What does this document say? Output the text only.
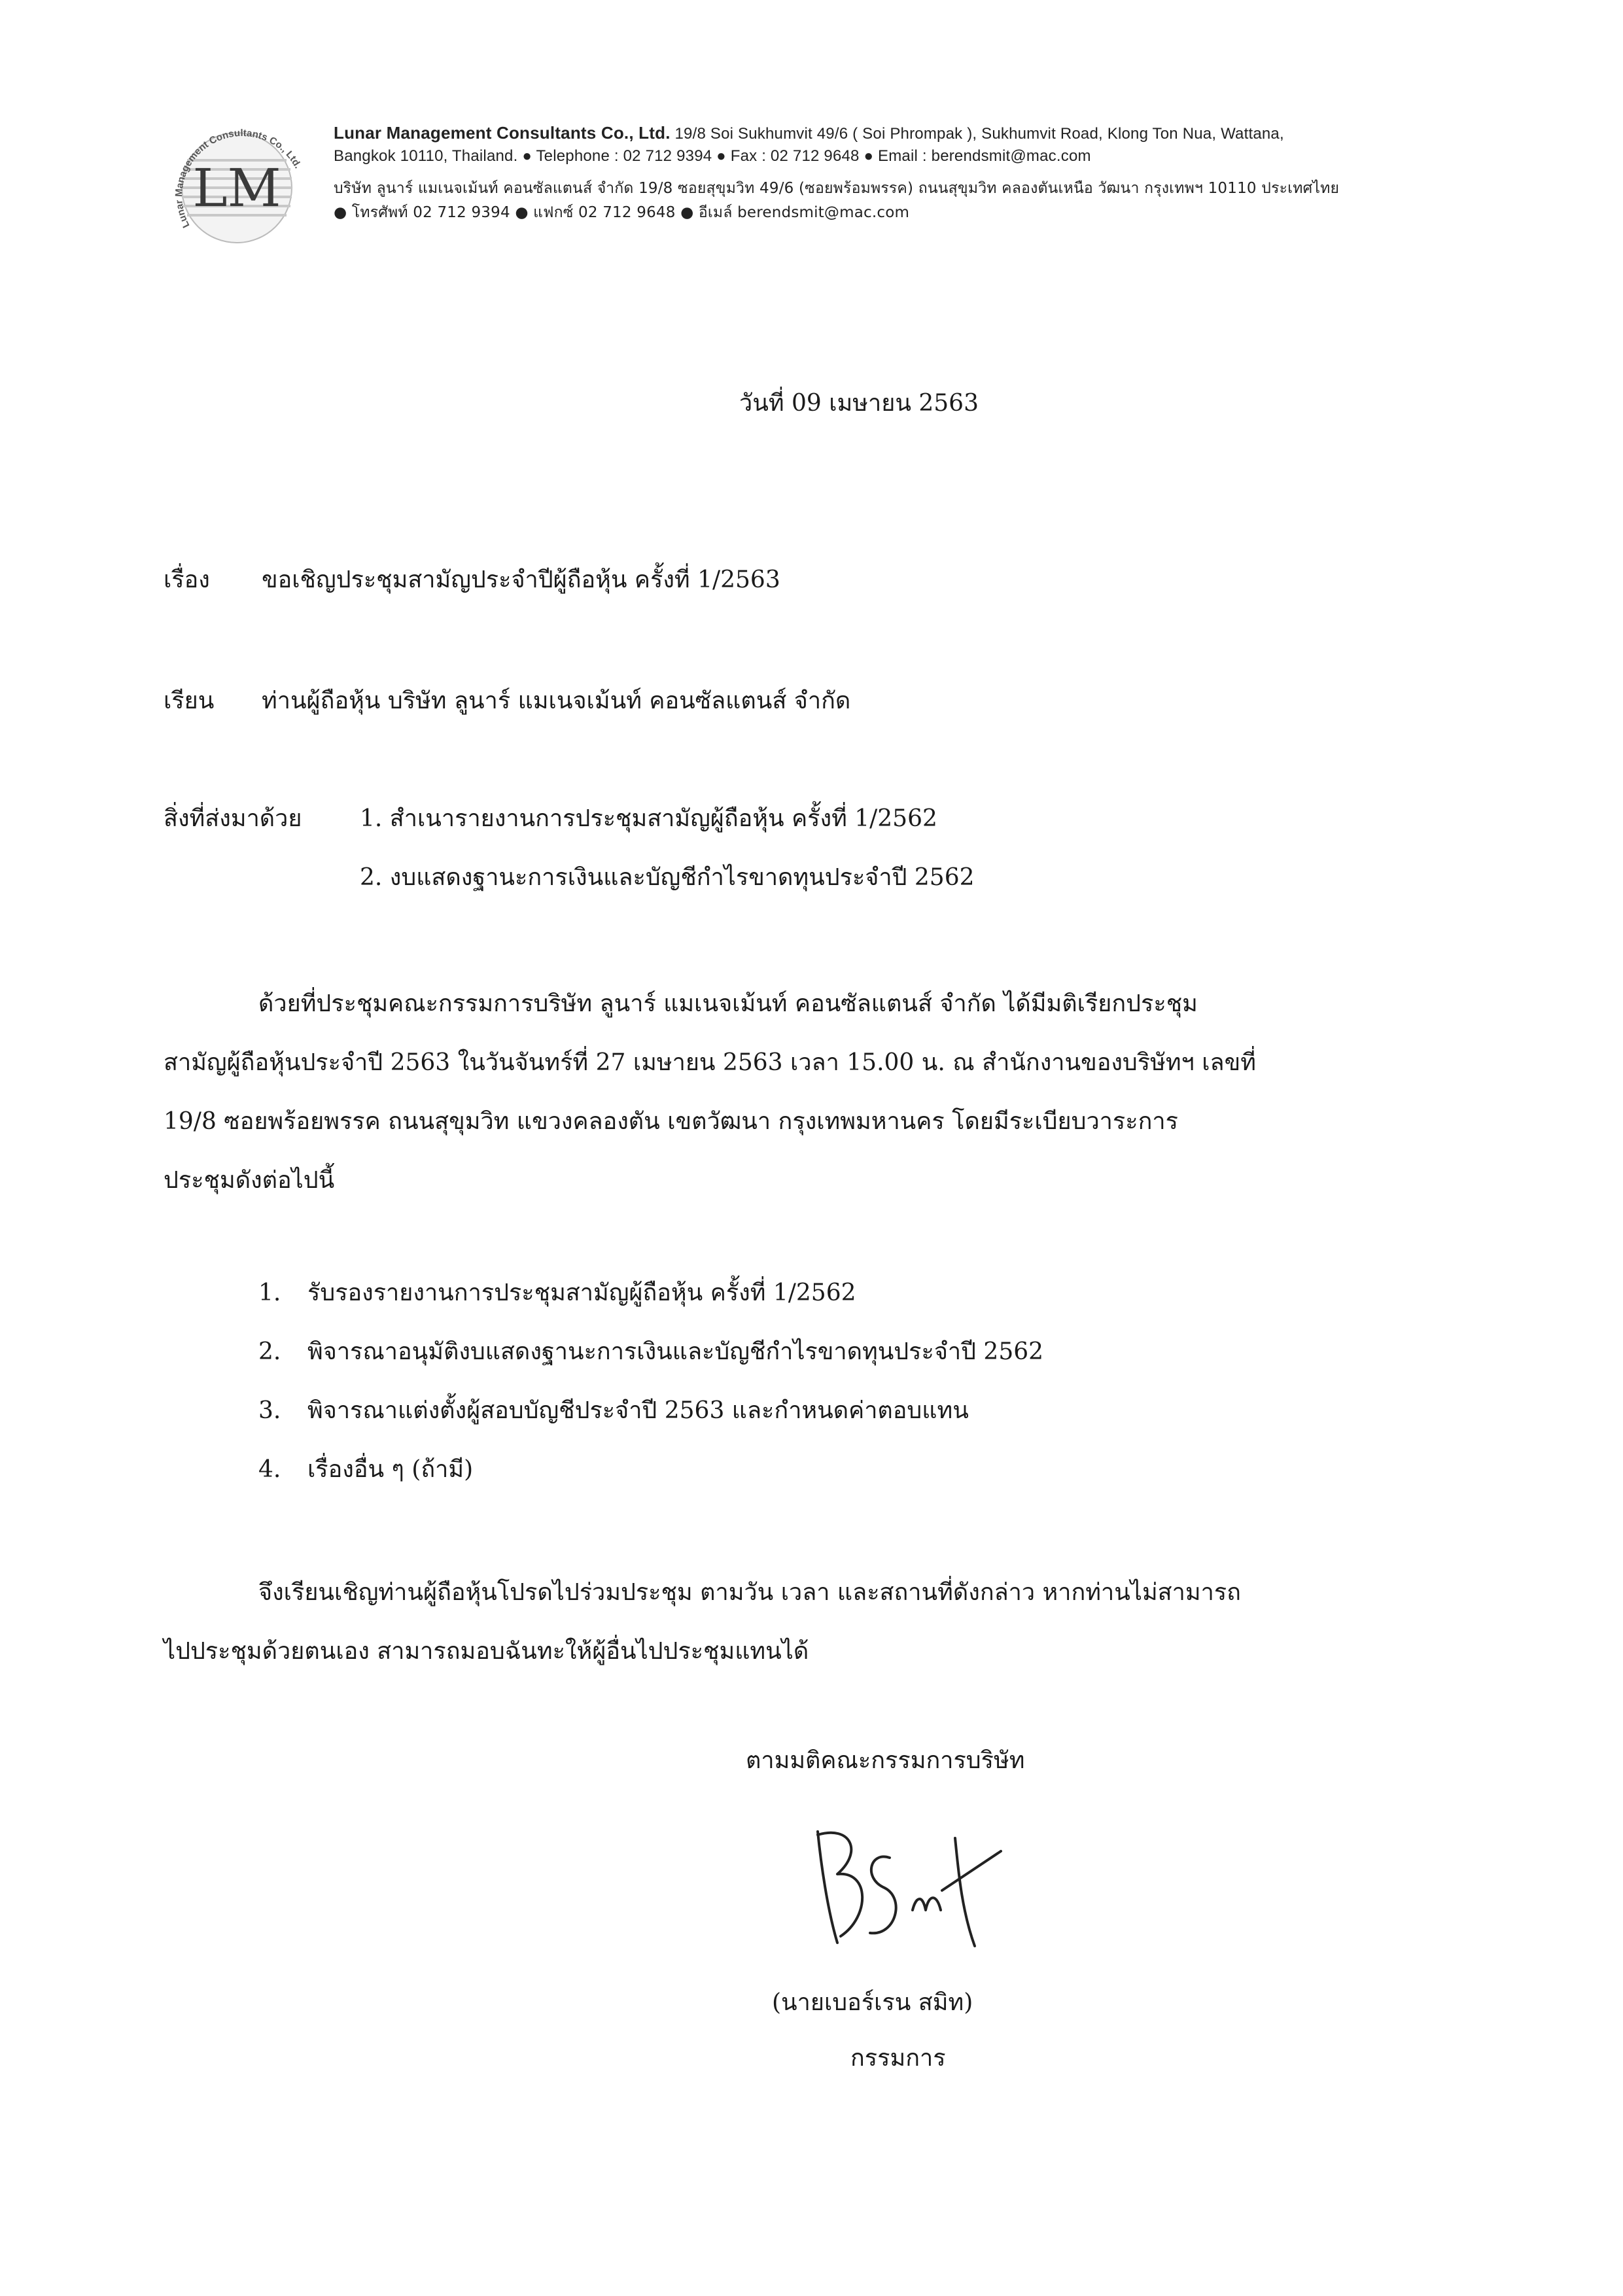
LM
Lunar Management Consultants Co., Ltd.
Lunar Management Consultants Co., Ltd. 19/8 Soi Sukhumvit 49/6 ( Soi Phrompak ), Sukhumvit Road, Klong Ton Nua, Wattana,
Bangkok 10110, Thailand. ● Telephone : 02 712 9394 ● Fax : 02 712 9648 ● Email : berendsmit@mac.com
บริษัท ลูนาร์ แมเนจเม้นท์ คอนซัลแตนส์ จำกัด 19/8 ซอยสุขุมวิท 49/6 (ซอยพร้อมพรรค) ถนนสุขุมวิท คลองตันเหนือ วัฒนา กรุงเทพฯ 10110 ประเทศไทย
● โทรศัพท์ 02 712 9394 ● แฟกซ์ 02 712 9648 ● อีเมล์ berendsmit@mac.com
วันที่ 09 เมษายน 2563
เรื่อง ขอเชิญประชุมสามัญประจำปีผู้ถือหุ้น ครั้งที่ 1/2563
เรียน ท่านผู้ถือหุ้น บริษัท ลูนาร์ แมเนจเม้นท์ คอนซัลแตนส์ จำกัด
สิ่งที่ส่งมาด้วย 1. สำเนารายงานการประชุมสามัญผู้ถือหุ้น ครั้งที่ 1/2562
2. งบแสดงฐานะการเงินและบัญชีกำไรขาดทุนประจำปี 2562
ด้วยที่ประชุมคณะกรรมการบริษัท ลูนาร์ แมเนจเม้นท์ คอนซัลแตนส์ จำกัด ได้มีมติเรียกประชุม
สามัญผู้ถือหุ้นประจำปี 2563 ในวันจันทร์ที่ 27 เมษายน 2563 เวลา 15.00 น. ณ สำนักงานของบริษัทฯ เลขที่
19/8 ซอยพร้อยพรรค ถนนสุขุมวิท แขวงคลองตัน เขตวัฒนา กรุงเทพมหานคร โดยมีระเบียบวาระการ
ประชุมดังต่อไปนี้
1. รับรองรายงานการประชุมสามัญผู้ถือหุ้น ครั้งที่ 1/2562
2. พิจารณาอนุมัติงบแสดงฐานะการเงินและบัญชีกำไรขาดทุนประจำปี 2562
3. พิจารณาแต่งตั้งผู้สอบบัญชีประจำปี 2563 และกำหนดค่าตอบแทน
4. เรื่องอื่น ๆ (ถ้ามี)
จึงเรียนเชิญท่านผู้ถือหุ้นโปรดไปร่วมประชุม ตามวัน เวลา และสถานที่ดังกล่าว หากท่านไม่สามารถ
ไปประชุมด้วยตนเอง สามารถมอบฉันทะให้ผู้อื่นไปประชุมแทนได้
ตามมติคณะกรรมการบริษัท
(นายเบอร์เรน สมิท)
กรรมการ
